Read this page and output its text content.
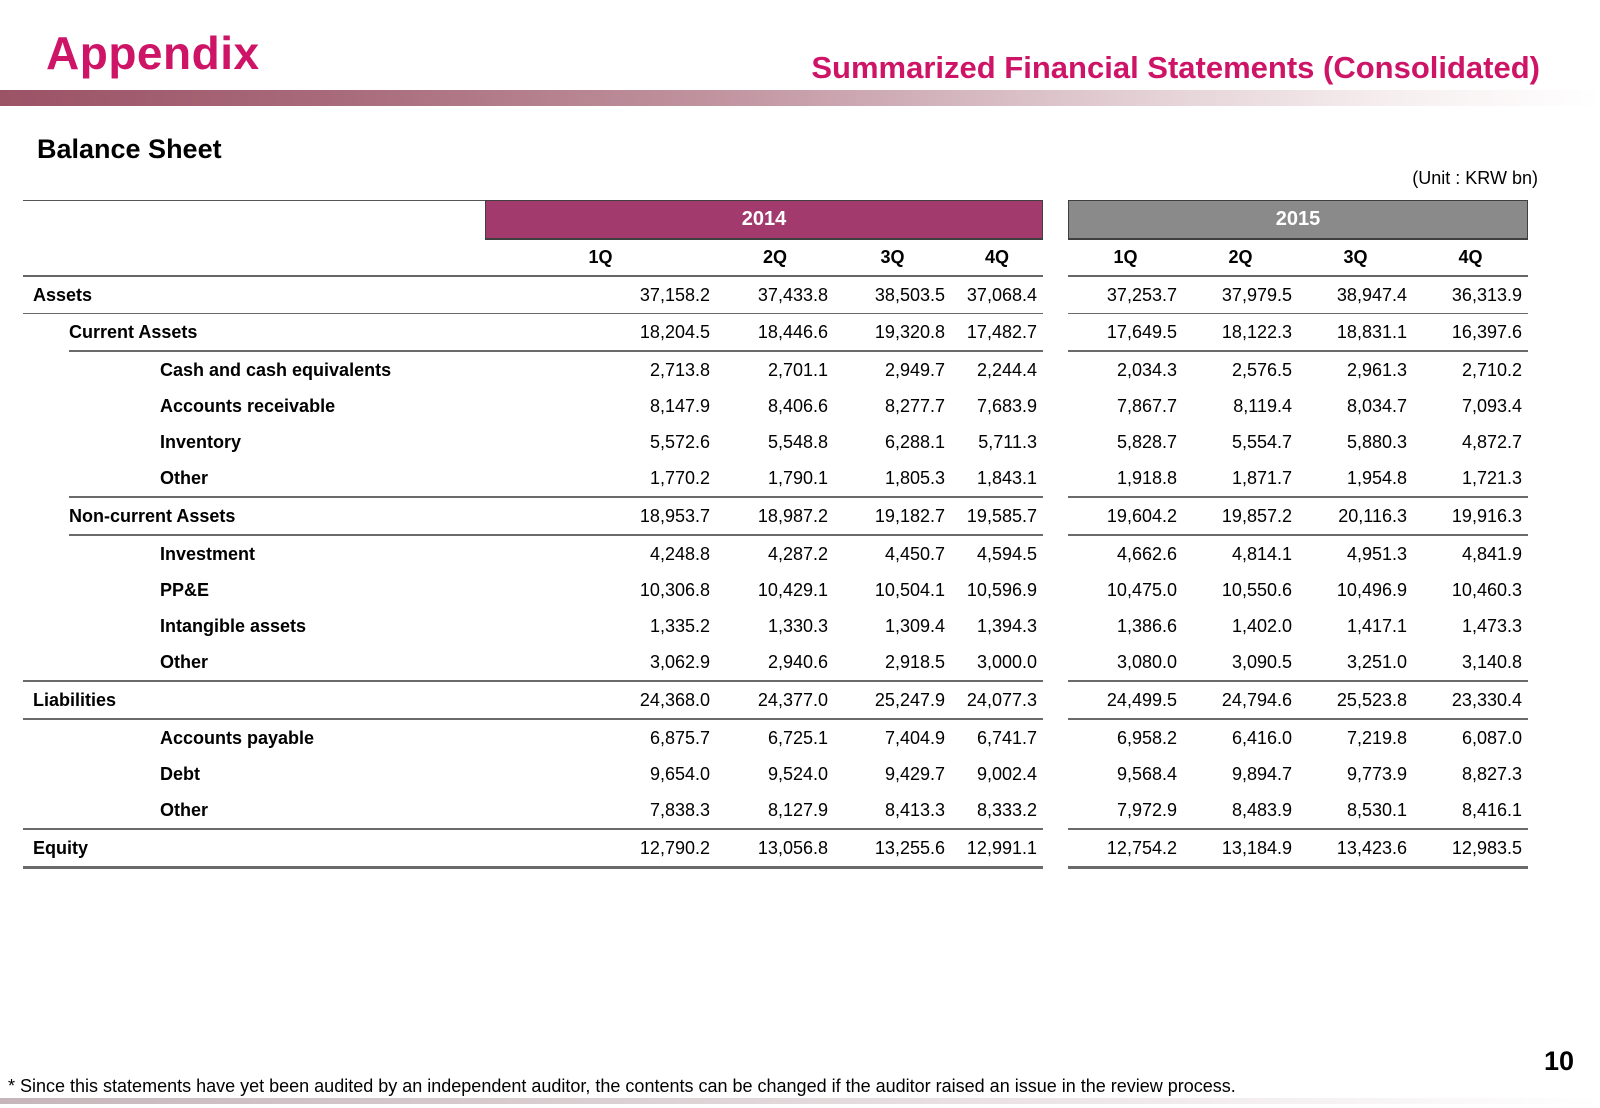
Appendix	Summarized Financial Statements (Consolidated)
Balance Sheet
(Unit : KRW bn)
2014	2015
1Q	2Q	3Q	4Q	1Q	2Q	3Q	4Q
Assets	37,158.2	37,433.8	38,503.5	37,068.4	37,253.7	37,979.5	38,947.4	36,313.9
Current Assets	18,204.5	18,446.6	19,320.8	17,482.7	17,649.5	18,122.3	18,831.1	16,397.6
Cash and cash equivalents	2,713.8	2,701.1	2,949.7	2,244.4	2,034.3	2,576.5	2,961.3	2,710.2
Accounts receivable	8,147.9	8,406.6	8,277.7	7,683.9	7,867.7	8,119.4	8,034.7	7,093.4
Inventory	5,572.6	5,548.8	6,288.1	5,711.3	5,828.7	5,554.7	5,880.3	4,872.7
Other	1,770.2	1,790.1	1,805.3	1,843.1	1,918.8	1,871.7	1,954.8	1,721.3
Non-current Assets	18,953.7	18,987.2	19,182.7	19,585.7	19,604.2	19,857.2	20,116.3	19,916.3
Investment	4,248.8	4,287.2	4,450.7	4,594.5	4,662.6	4,814.1	4,951.3	4,841.9
PP&E	10,306.8	10,429.1	10,504.1	10,596.9	10,475.0	10,550.6	10,496.9	10,460.3
Intangible assets	1,335.2	1,330.3	1,309.4	1,394.3	1,386.6	1,402.0	1,417.1	1,473.3
Other	3,062.9	2,940.6	2,918.5	3,000.0	3,080.0	3,090.5	3,251.0	3,140.8
Liabilities	24,368.0	24,377.0	25,247.9	24,077.3	24,499.5	24,794.6	25,523.8	23,330.4
Accounts payable	6,875.7	6,725.1	7,404.9	6,741.7	6,958.2	6,416.0	7,219.8	6,087.0
Debt	9,654.0	9,524.0	9,429.7	9,002.4	9,568.4	9,894.7	9,773.9	8,827.3
Other	7,838.3	8,127.9	8,413.3	8,333.2	7,972.9	8,483.9	8,530.1	8,416.1
Equity	12,790.2	13,056.8	13,255.6	12,991.1	12,754.2	13,184.9	13,423.6	12,983.5
* Since this statements have yet been audited by an independent auditor, the contents can be changed if the auditor raised an issue in the review process.
10
